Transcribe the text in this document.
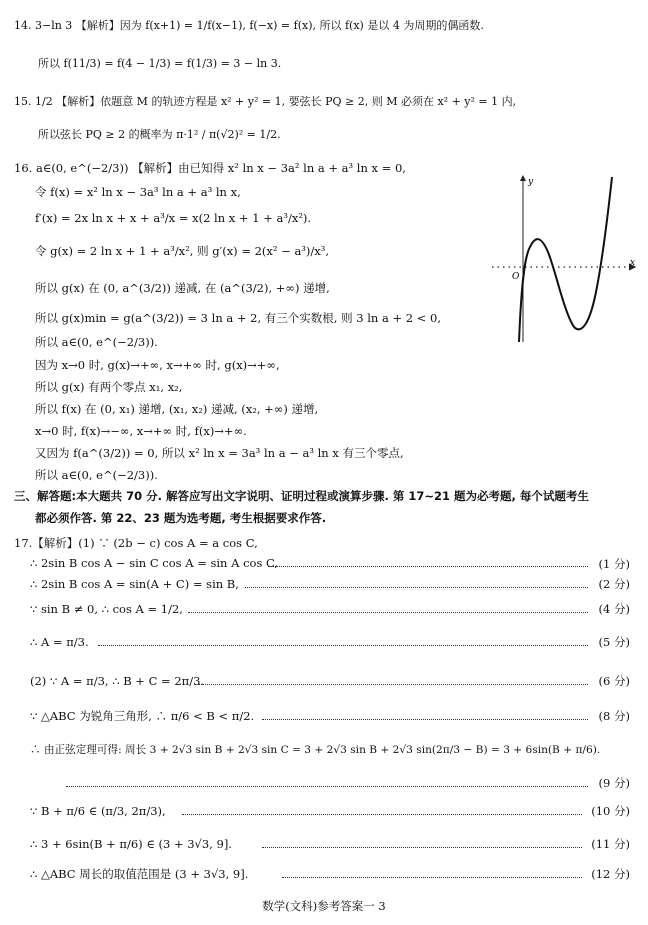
14. 3−ln 3 【解析】因为 f(x+1) = 1/f(x−1), f(−x) = f(x), 所以 f(x) 是以 4 为周期的偶函数.
所以 f(11/3) = f(4 − 1/3) = f(1/3) = 3 − ln 3.
15. 1/2 【解析】依题意 M 的轨迹方程是 x² + y² = 1, 要弦长 PQ ≥ 2, 则 M 必须在 x² + y² = 1 内,
所以弦长 PQ ≥ 2 的概率为 π·1² / π(√2)² = 1/2.
16. a∈(0, e^(−2/3)) 【解析】由已知得 x² ln x − 3a² ln a + a³ ln x = 0,
令 f(x) = x² ln x − 3a³ ln a + a³ ln x,
f′(x) = 2x ln x + x + a³/x = x(2 ln x + 1 + a³/x²).
令 g(x) = 2 ln x + 1 + a³/x², 则 g′(x) = 2(x² − a³)/x³,
所以 g(x) 在 (0, a^(3/2)) 递减, 在 (a^(3/2), +∞) 递增,
所以 g(x)min = g(a^(3/2)) = 3 ln a + 2, 有三个实数根, 则 3 ln a + 2 < 0,
所以 a∈(0, e^(−2/3)).
因为 x→0 时, g(x)→+∞, x→+∞ 时, g(x)→+∞,
所以 g(x) 有两个零点 x₁, x₂,
所以 f(x) 在 (0, x₁) 递增, (x₁, x₂) 递减, (x₂, +∞) 递增,
x→0 时, f(x)→−∞, x→+∞ 时, f(x)→+∞.
又因为 f(a^(3/2)) = 0, 所以 x² ln x = 3a³ ln a − a³ ln x 有三个零点,
所以 a∈(0, e^(−2/3)).
y
x
O
三、解答题:本大题共 70 分. 解答应写出文字说明、证明过程或演算步骤. 第 17~21 题为必考题, 每个试题考生
都必须作答. 第 22、23 题为选考题, 考生根据要求作答.
17.【解析】(1) ∵ (2b − c) cos A = a cos C,
∴ 2sin B cos A − sin C cos A = sin A cos C,	(1 分)
∴ 2sin B cos A = sin(A + C) = sin B,	(2 分)
∵ sin B ≠ 0, ∴ cos A = 1/2,	(4 分)
∴ A = π/3.	(5 分)
(2) ∵ A = π/3, ∴ B + C = 2π/3.	(6 分)
∵ △ABC 为锐角三角形, ∴ π/6 < B < π/2.	(8 分)
∴ 由正弦定理可得: 周长 3 + 2√3 sin B + 2√3 sin C = 3 + 2√3 sin B + 2√3 sin(2π/3 − B) = 3 + 6sin(B + π/6).
(9 分)
∵ B + π/6 ∈ (π/3, 2π/3),	(10 分)
∴ 3 + 6sin(B + π/6) ∈ (3 + 3√3, 9].	(11 分)
∴ △ABC 周长的取值范围是 (3 + 3√3, 9].	(12 分)
数学(文科)参考答案一 3
